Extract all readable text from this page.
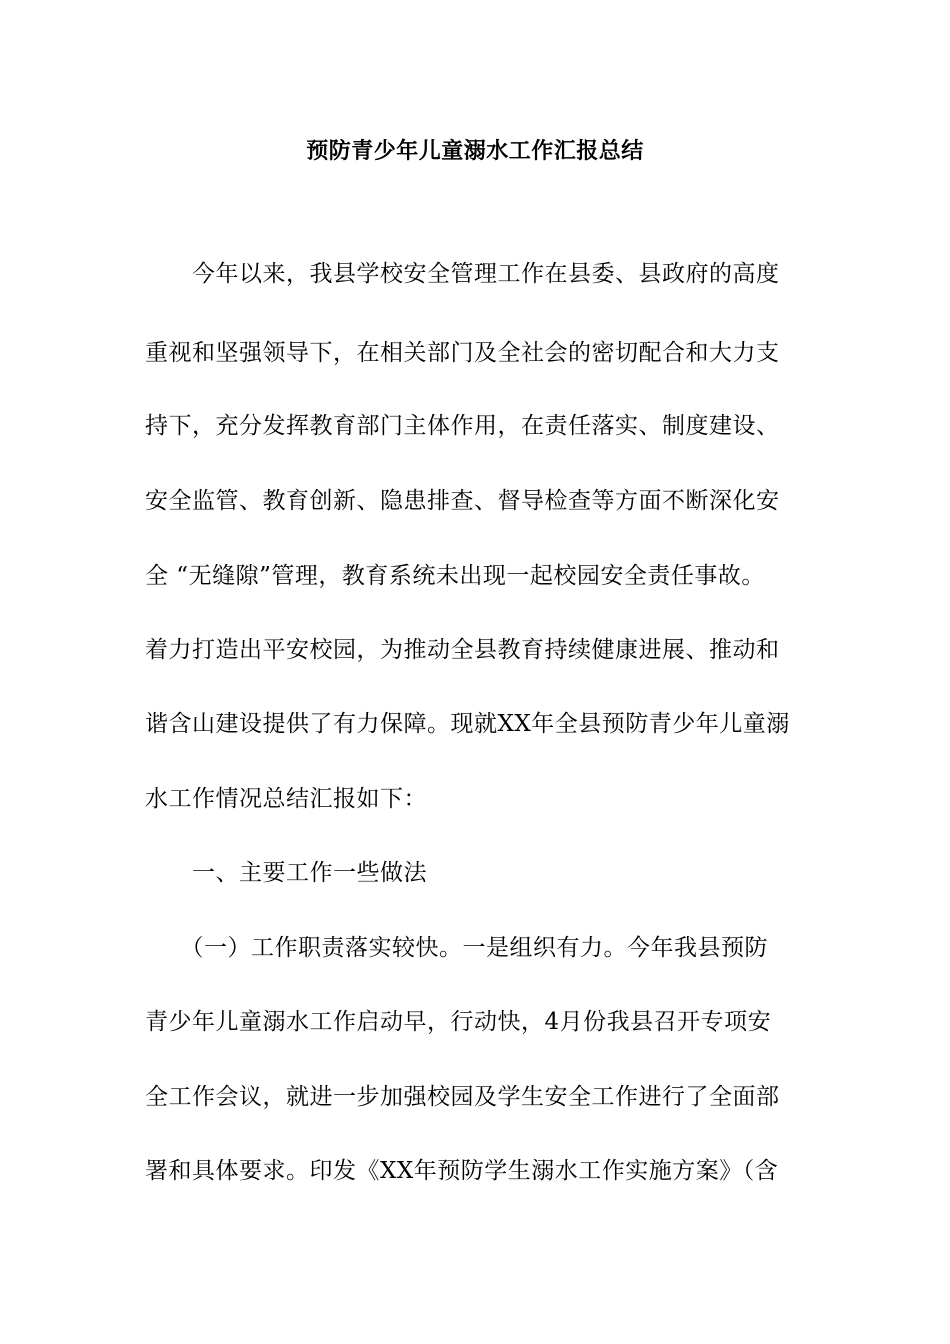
预防青少年儿童溺水工作汇报总结
　　今年以来，我县学校安全管理工作在县委、县政府的高度
重视和坚强领导下，在相关部门及全社会的密切配合和大力支
持下，充分发挥教育部门主体作用，在责任落实、制度建设、
安全监管、教育创新、隐患排查、督导检查等方面不断深化安
全 “无缝隙”管理，教育系统未出现一起校园安全责任事故。
着力打造出平安校园，为推动全县教育持续健康进展、推动和
谐含山建设提供了有力保障。现就XX年全县预防青少年儿童溺
水工作情况总结汇报如下：
　　一、主要工作一些做法
　　（一）工作职责落实较快。一是组织有力。今年我县预防
青少年儿童溺水工作启动早，行动快，4月份我县召开专项安
全工作会议，就进一步加强校园及学生安全工作进行了全面部
署和具体要求。印发《XX年预防学生溺水工作实施方案》（含
